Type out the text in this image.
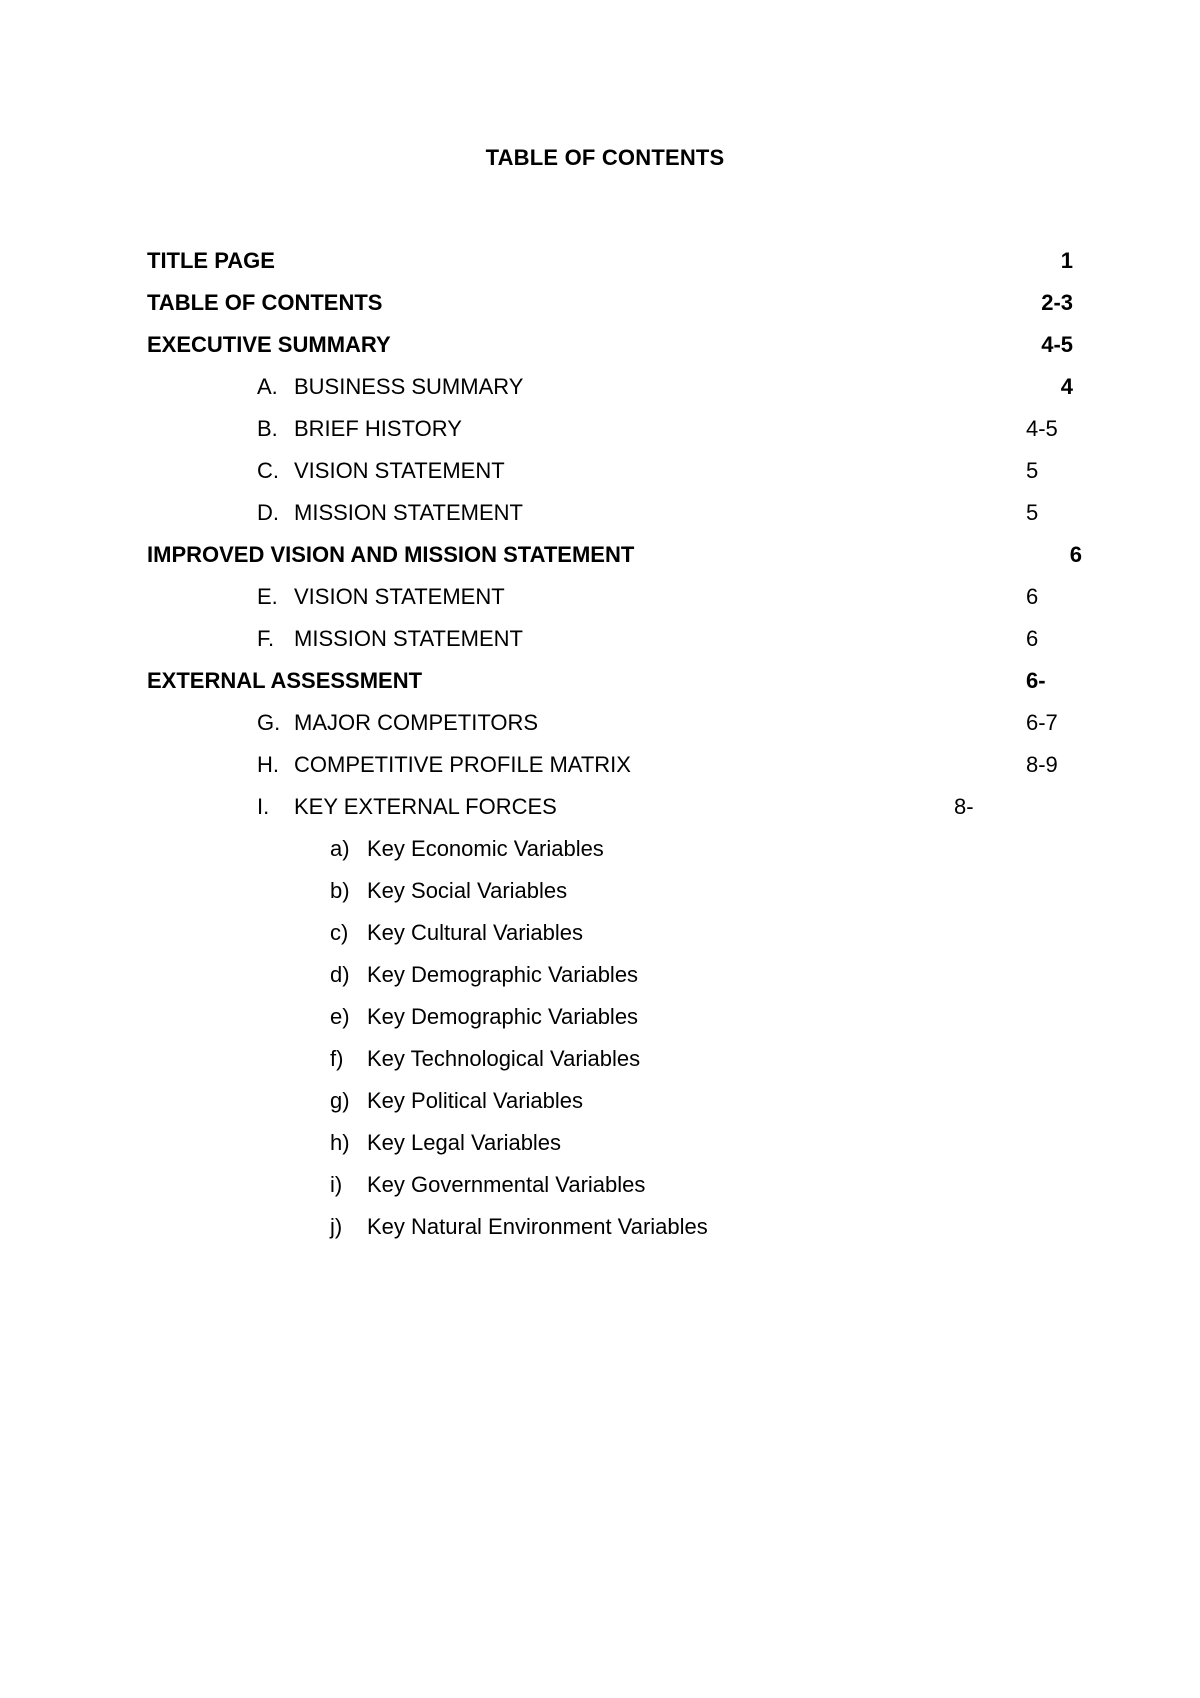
TABLE OF CONTENTS
TITLE PAGE	1
TABLE OF CONTENTS	2-3
EXECUTIVE SUMMARY	4-5
A. BUSINESS SUMMARY	4
B. BRIEF HISTORY	4-5
C. VISION STATEMENT	5
D. MISSION STATEMENT	5
IMPROVED VISION AND MISSION STATEMENT	6
E. VISION STATEMENT	6
F. MISSION STATEMENT	6
EXTERNAL ASSESSMENT	6-
G. MAJOR COMPETITORS	6-7
H. COMPETITIVE PROFILE MATRIX	8-9
I. KEY EXTERNAL FORCES	8-
a) Key Economic Variables
b) Key Social Variables
c) Key Cultural Variables
d) Key Demographic Variables
e) Key Demographic Variables
f) Key Technological Variables
g) Key Political Variables
h) Key Legal Variables
i) Key Governmental Variables
j) Key Natural Environment Variables
